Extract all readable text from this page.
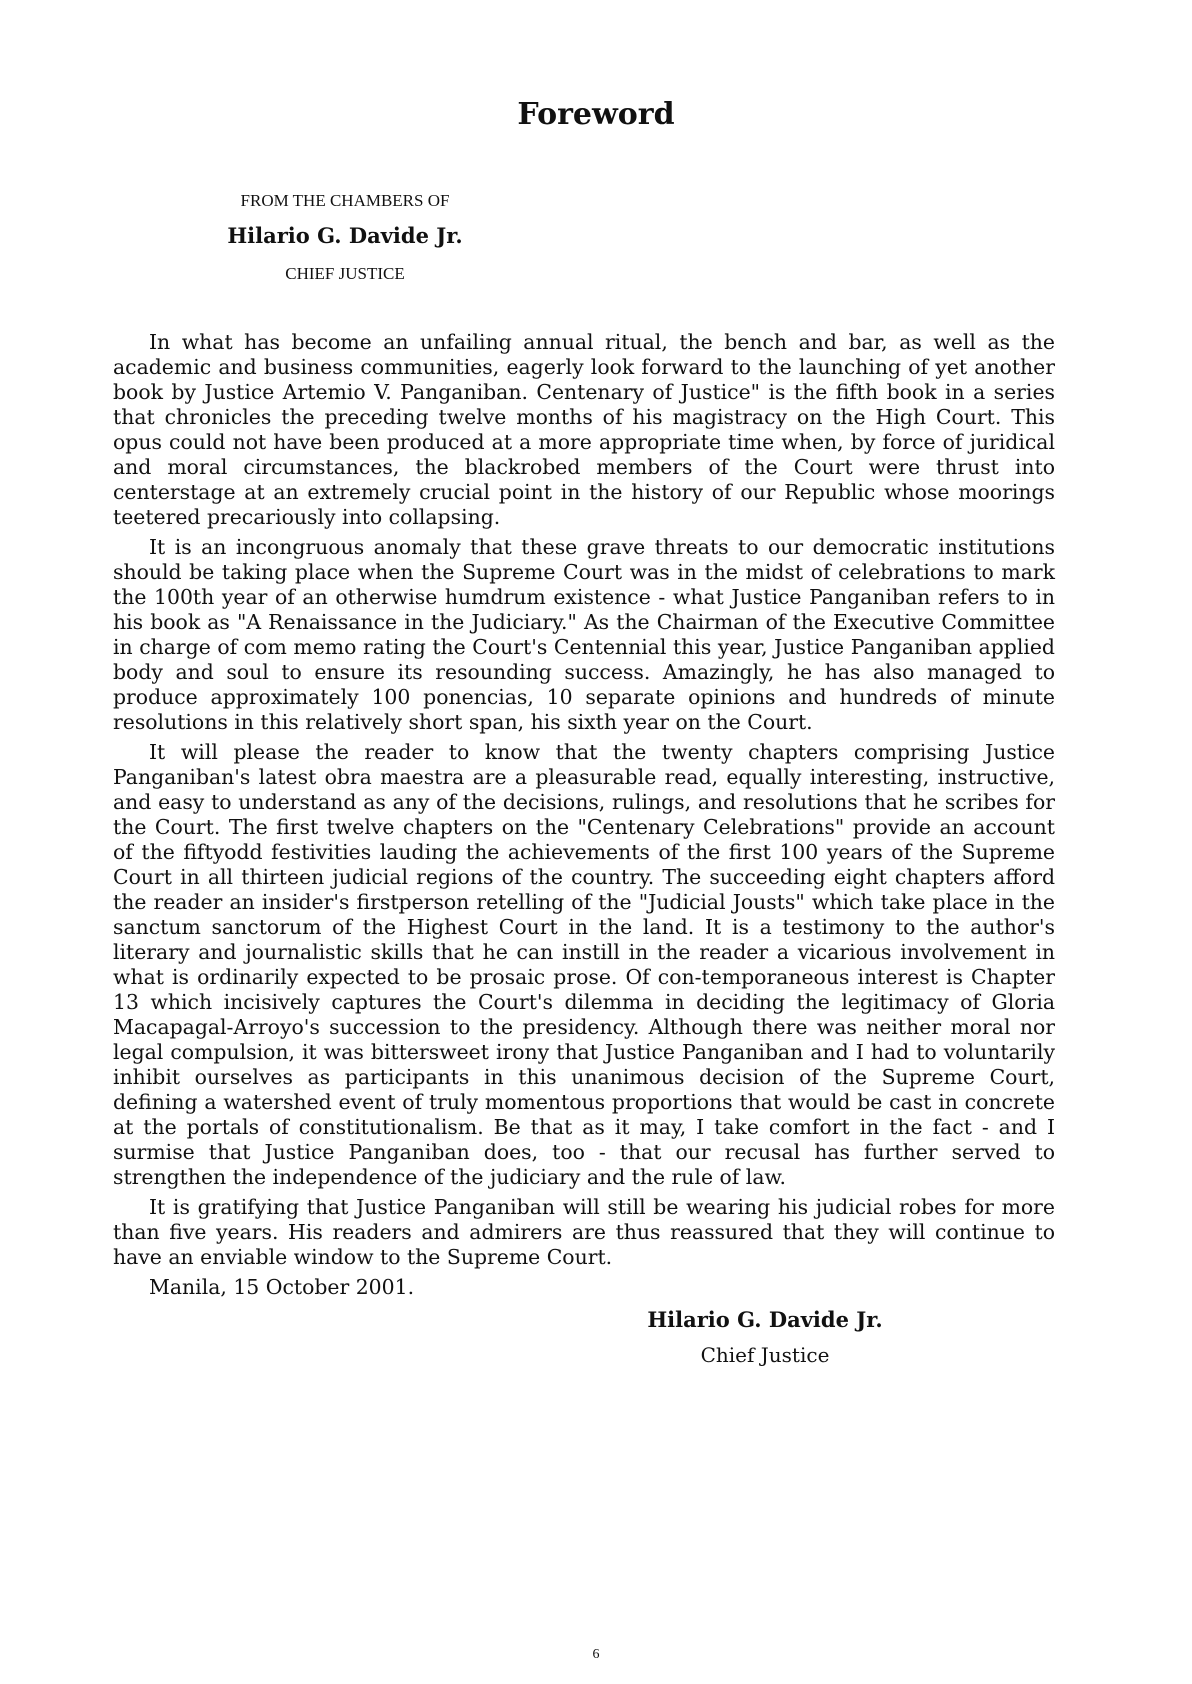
Foreword
FROM THE CHAMBERS OF
Hilario G. Davide Jr.
CHIEF JUSTICE

In what has become an unfailing annual ritual, the bench and bar, as well as the academic and business communities, eagerly look forward to the launching of yet another book by Justice Artemio V. Panganiban. Centenary of Justice" is the fifth book in a series that chronicles the preceding twelve months of his magistracy on the High Court. This opus could not have been produced at a more appropriate time when, by force of juridical and moral circumstances, the blackrobed members of the Court were thrust into centerstage at an extremely crucial point in the history of our Republic whose moorings teetered precariously into collapsing.

It is an incongruous anomaly that these grave threats to our democratic institutions should be taking place when the Supreme Court was in the midst of celebrations to mark the 100th year of an otherwise humdrum existence - what Justice Panganiban refers to in his book as "A Renaissance in the Judiciary." As the Chairman of the Executive Committee in charge of com memo rating the Court's Centennial this year, Justice Panganiban applied body and soul to ensure its resounding success. Amazingly, he has also managed to produce approximately 100 ponencias, 10 separate opinions and hundreds of minute resolutions in this relatively short span, his sixth year on the Court.

It will please the reader to know that the twenty chapters comprising Justice Panganiban's latest obra maestra are a pleasurable read, equally interesting, instructive, and easy to understand as any of the decisions, rulings, and resolutions that he scribes for the Court. The first twelve chapters on the "Centenary Celebrations" provide an account of the fiftyodd festivities lauding the achievements of the first 100 years of the Supreme Court in all thirteen judicial regions of the country. The succeeding eight chapters afford the reader an insider's firstperson retelling of the "Judicial Jousts" which take place in the sanctum sanctorum of the Highest Court in the land. It is a testimony to the author's literary and journalistic skills that he can instill in the reader a vicarious involvement in what is ordinarily expected to be prosaic prose. Of con-temporaneous interest is Chapter 13 which incisively captures the Court's dilemma in deciding the legitimacy of Gloria Macapagal-Arroyo's succession to the presidency. Although there was neither moral nor legal compulsion, it was bittersweet irony that Justice Panganiban and I had to voluntarily inhibit ourselves as participants in this unanimous decision of the Supreme Court, defining a watershed event of truly momentous proportions that would be cast in concrete at the portals of constitutionalism. Be that as it may, I take comfort in the fact - and I surmise that Justice Panganiban does, too - that our recusal has further served to strengthen the independence of the judiciary and the rule of law.

It is gratifying that Justice Panganiban will still be wearing his judicial robes for more than five years. His readers and admirers are thus reassured that they will continue to have an enviable window to the Supreme Court.

Manila, 15 October 2001.

Hilario G. Davide Jr.
Chief Justice
6
